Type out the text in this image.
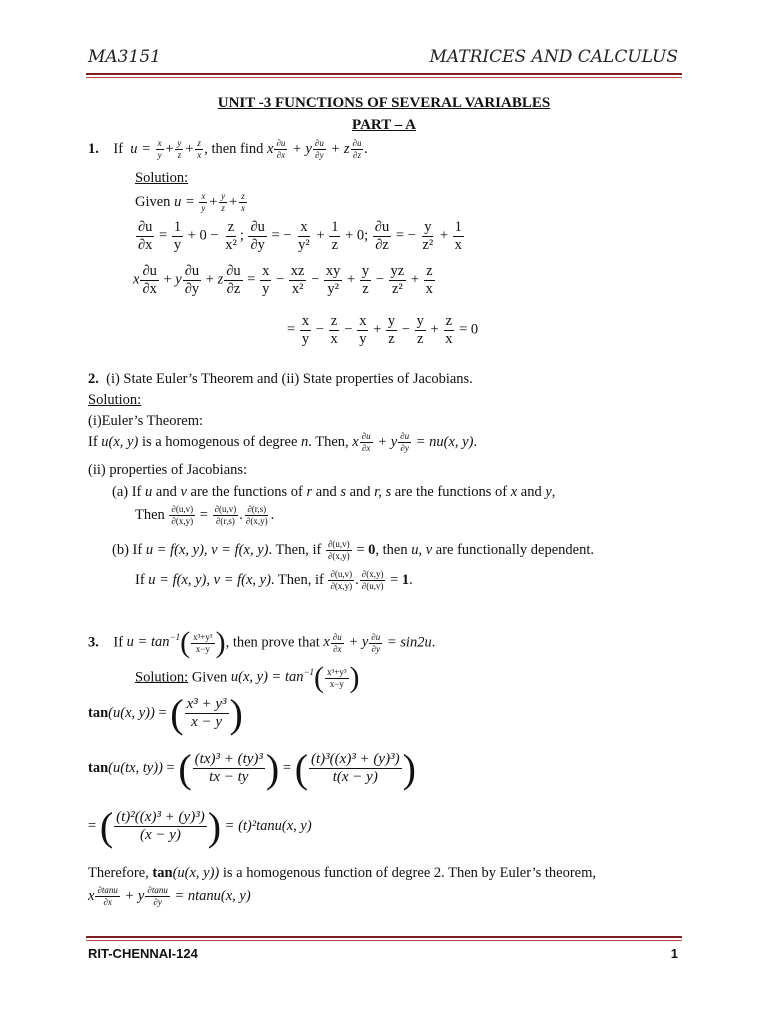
MA3151	MATRICES AND CALCULUS
UNIT -3 FUNCTIONS OF SEVERAL VARIABLES
PART – A
1. If $u = \frac{x}{y} + \frac{y}{z} + \frac{z}{x}$ , then find x $\frac{\partial u}{\partial x} + y \frac{\partial u}{\partial y} + z \frac{\partial u}{\partial z}$ .
Solution:
Given $u = \frac{x}{y} + \frac{y}{z} + \frac{z}{x}$
$\frac{\partial u}{\partial x} = \frac{1}{y} + 0 - \frac{z}{\text{x²}}$ ; $\frac{\partial u}{\partial y}$ = − $\frac{x}{\text{y²}} + \frac{1}{z} + 0$; $\frac{\partial u}{\partial z}$ = − $\frac{y}{\text{z²}} + \frac{1}{x}$
x $\frac{\partial u}{\partial x} + y \frac{\partial u}{\partial y} + z \frac{\partial u}{\partial z} = \frac{x}{y} - \frac{xz}{\text{x²}} - \frac{xy}{\text{y²}} + \frac{y}{z} - \frac{yz}{\text{z²}} + \frac{z}{x}$
= $\frac{x}{y} - \frac{z}{x} - \frac{x}{y} + \frac{y}{z} - \frac{y}{z} + \frac{z}{x} = 0$
2. (i) State Euler’s Theorem and (ii) State properties of Jacobians.
Solution:
(i)Euler’s Theorem:
If u(x, y) is a homogenous of degree n. Then, x $\frac{\partial u}{\partial x} + y \frac{\partial u}{\partial y} = nu(x$, y).
(ii) properties of Jacobians:
(a) If u and v are the functions of r and s and r, s are the functions of x and y,
Then $\frac{\partial(u,v)}{\partial(x,y)} = \frac{\partial(u,v)}{\partial(r,s)}$ . $\frac{\partial(r,s)}{\partial(x,y)}$ .
(b) If u = f(x, y), v = f(x, y). Then, if $\frac{\partial(u,v)}{\partial(x,y)} = 0$, then u, v are functionally dependent.
If u = f(x, y), v = f(x, y). Then, if $\frac{\partial(u,v)}{\partial(x,y)}$ . $\frac{\partial(x,y)}{\partial(u,v)} = 1$.
3. If $u = \tan^{-1}( \frac{\text{x³+y³}}{x-y}$ ), then prove that x $\frac{\partial u}{\partial x} + y \frac{\partial u}{\partial y} = \sin 2u$.
Solution: Given u(x, $y) = \tan^{-1}( \frac{\text{x³+y³}}{x-y}$ )
tan(u(x, y)) = ( $\frac{\text{x³ + y³}}{x - y}$ )
tan(u(tx, ty)) = ( $\frac{\text{(tx)³ + (ty)³}}{tx - ty}$ ) = ( $\frac{\text{(t)³((x)³ + (y)³)}}{t(x - y)}$ )
= ( $\frac{\text{(t)²((x)³ + (y)³)}}{(x - y)}$ ) = (t)²tanu(x, y)
Therefore, tan(u(x, y)) is a homogenous function of degree 2. Then by Euler’s theorem,
x $\frac{\partial\tan u}{\partial x} + y \frac{\partial\tan u}{\partial y} = ntanu(x$, y)
RIT-CHENNAI-124	1
